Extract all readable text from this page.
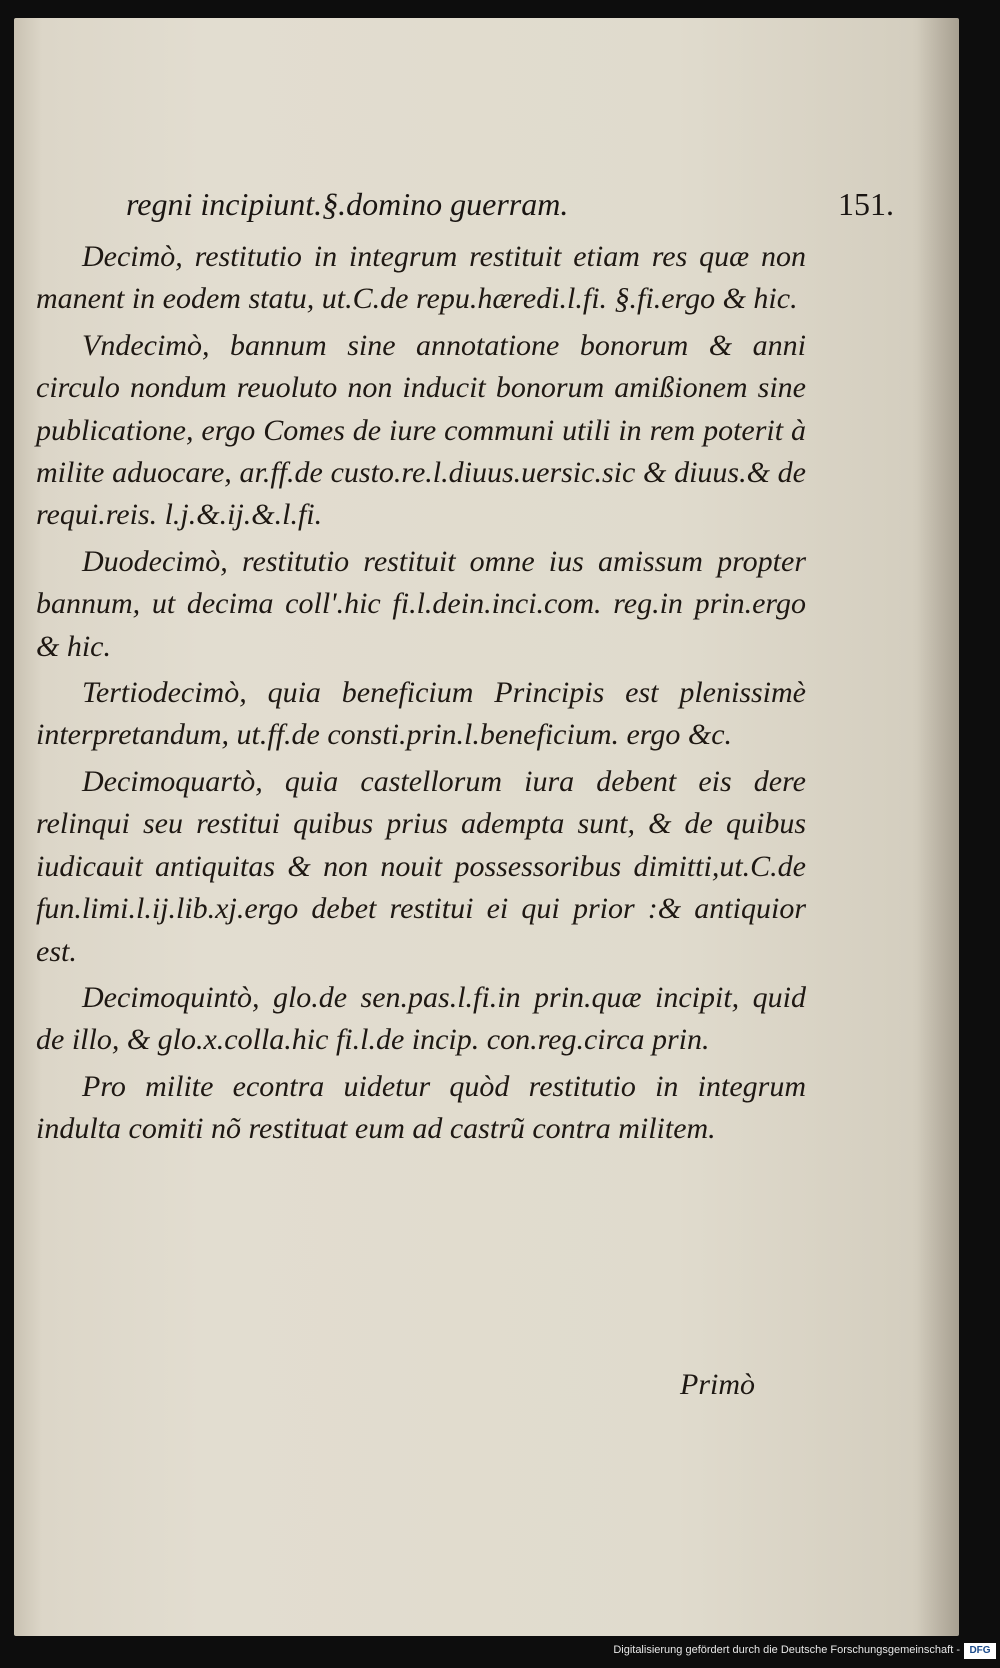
regni incipiunt.§.domino guerram.	151.

Decimò, restitutio in integrum restituit etiam res quæ non manent in eodem statu, ut.C.de repu.hæredi.l.fi. §.fi.ergo & hic.

Vndecimò, bannum sine annotatione bonorum & anni circulo nondum reuoluto non inducit bonorum amißionem sine publicatione, ergo Comes de iure communi utili in rem poterit à milite aduocare, ar.ff.de custo.re.l.diuus.uersic.sic & diuus.& de requi.reis. l.j.&.ij.&.l.fi.

Duodecimò, restitutio restituit omne ius amissum propter bannum, ut decima coll'.hic fi.l.dein.inci.com. reg.in prin.ergo & hic.

Tertiodecimò, quia beneficium Principis est plenissimè interpretandum, ut.ff.de consti.prin.l.beneficium. ergo &c.

Decimoquartò, quia castellorum iura debent eis dere relinqui seu restitui quibus prius adempta sunt, & de quibus iudicauit antiquitas & non nouit possessoribus dimitti,ut.C.de fun.limi.l.ij.lib.xj.ergo debet restitui ei qui prior :& antiquior est.

Decimoquintò, glo.de sen.pas.l.fi.in prin.quæ incipit, quid de illo, & glo.x.colla.hic fi.l.de incip. con.reg.circa prin.

Pro milite econtra uidetur quòd restitutio in integrum indulta comiti nõ restituat eum ad castrũ contra militem.

Primò
Digitalisierung gefördert durch die Deutsche Forschungsgemeinschaft - DFG
